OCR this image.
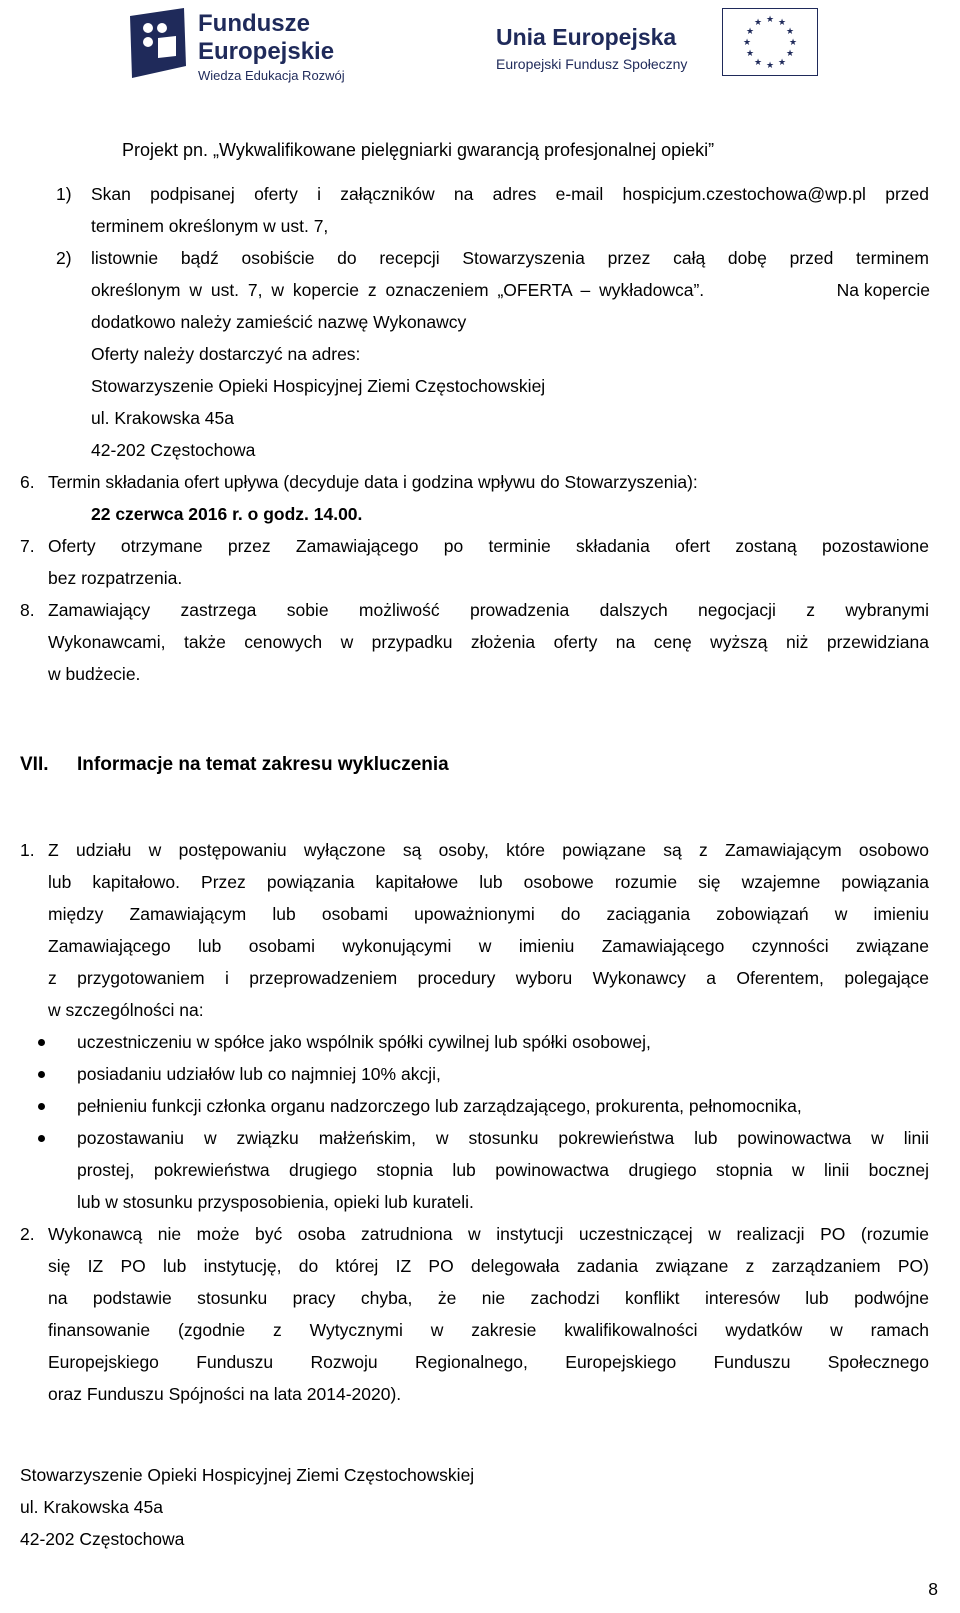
Fundusze
Europejskie
Wiedza Edukacja Rozwój
Unia Europejska
Europejski Fundusz Społeczny
★ ★
★
★
★
★
★
★
★
★
★
★
Projekt pn. „Wykwalifikowane pielęgniarki gwarancją profesjonalnej opieki”
1) Skan podpisanej oferty i załączników na adres e-mail hospicjum.czestochowa@wp.pl przed
terminem określonym w ust. 7,
2) listownie bądź osobiście do recepcji Stowarzyszenia przez całą dobę przed terminem
określonym w ust. 7, w kopercie z oznaczeniem „OFERTA – wykładowca”.	Na kopercie
dodatkowo należy zamieścić nazwę Wykonawcy
Oferty należy dostarczyć na adres:
Stowarzyszenie Opieki Hospicyjnej Ziemi Częstochowskiej
ul. Krakowska 45a
42-202 Częstochowa
6. Termin składania ofert upływa (decyduje data i godzina wpływu do Stowarzyszenia):
22 czerwca 2016 r. o godz. 14.00.
7. Oferty otrzymane przez Zamawiającego po terminie składania ofert zostaną pozostawione
bez rozpatrzenia.
8. Zamawiający zastrzega sobie możliwość prowadzenia dalszych negocjacji z wybranymi
Wykonawcami, także cenowych w przypadku złożenia oferty na cenę wyższą niż przewidziana
w budżecie.
VII. Informacje na temat zakresu wykluczenia
1. Z udziału w postępowaniu wyłączone są osoby, które powiązane są z Zamawiającym osobowo
lub kapitałowo. Przez powiązania kapitałowe lub osobowe rozumie się wzajemne powiązania
między Zamawiającym lub osobami upoważnionymi do zaciągania zobowiązań w imieniu
Zamawiającego lub osobami wykonującymi w imieniu Zamawiającego czynności związane
z przygotowaniem i przeprowadzeniem procedury wyboru Wykonawcy a Oferentem, polegające
w szczególności na:
uczestniczeniu w spółce jako wspólnik spółki cywilnej lub spółki osobowej,
posiadaniu udziałów lub co najmniej 10% akcji,
pełnieniu funkcji członka organu nadzorczego lub zarządzającego, prokurenta, pełnomocnika,
pozostawaniu w związku małżeńskim, w stosunku pokrewieństwa lub powinowactwa w linii
prostej, pokrewieństwa drugiego stopnia lub powinowactwa drugiego stopnia w linii bocznej
lub w stosunku przysposobienia, opieki lub kurateli.
2. Wykonawcą nie może być osoba zatrudniona w instytucji uczestniczącej w realizacji PO (rozumie
się IZ PO lub instytucję, do której IZ PO delegowała zadania związane z zarządzaniem PO)
na podstawie stosunku pracy chyba, że nie zachodzi konflikt interesów lub podwójne
finansowanie (zgodnie z Wytycznymi w zakresie kwalifikowalności wydatków w ramach
Europejskiego Funduszu Rozwoju Regionalnego, Europejskiego Funduszu Społecznego
oraz Funduszu Spójności na lata 2014-2020).
Stowarzyszenie Opieki Hospicyjnej Ziemi Częstochowskiej
ul. Krakowska 45a
42-202 Częstochowa
8
